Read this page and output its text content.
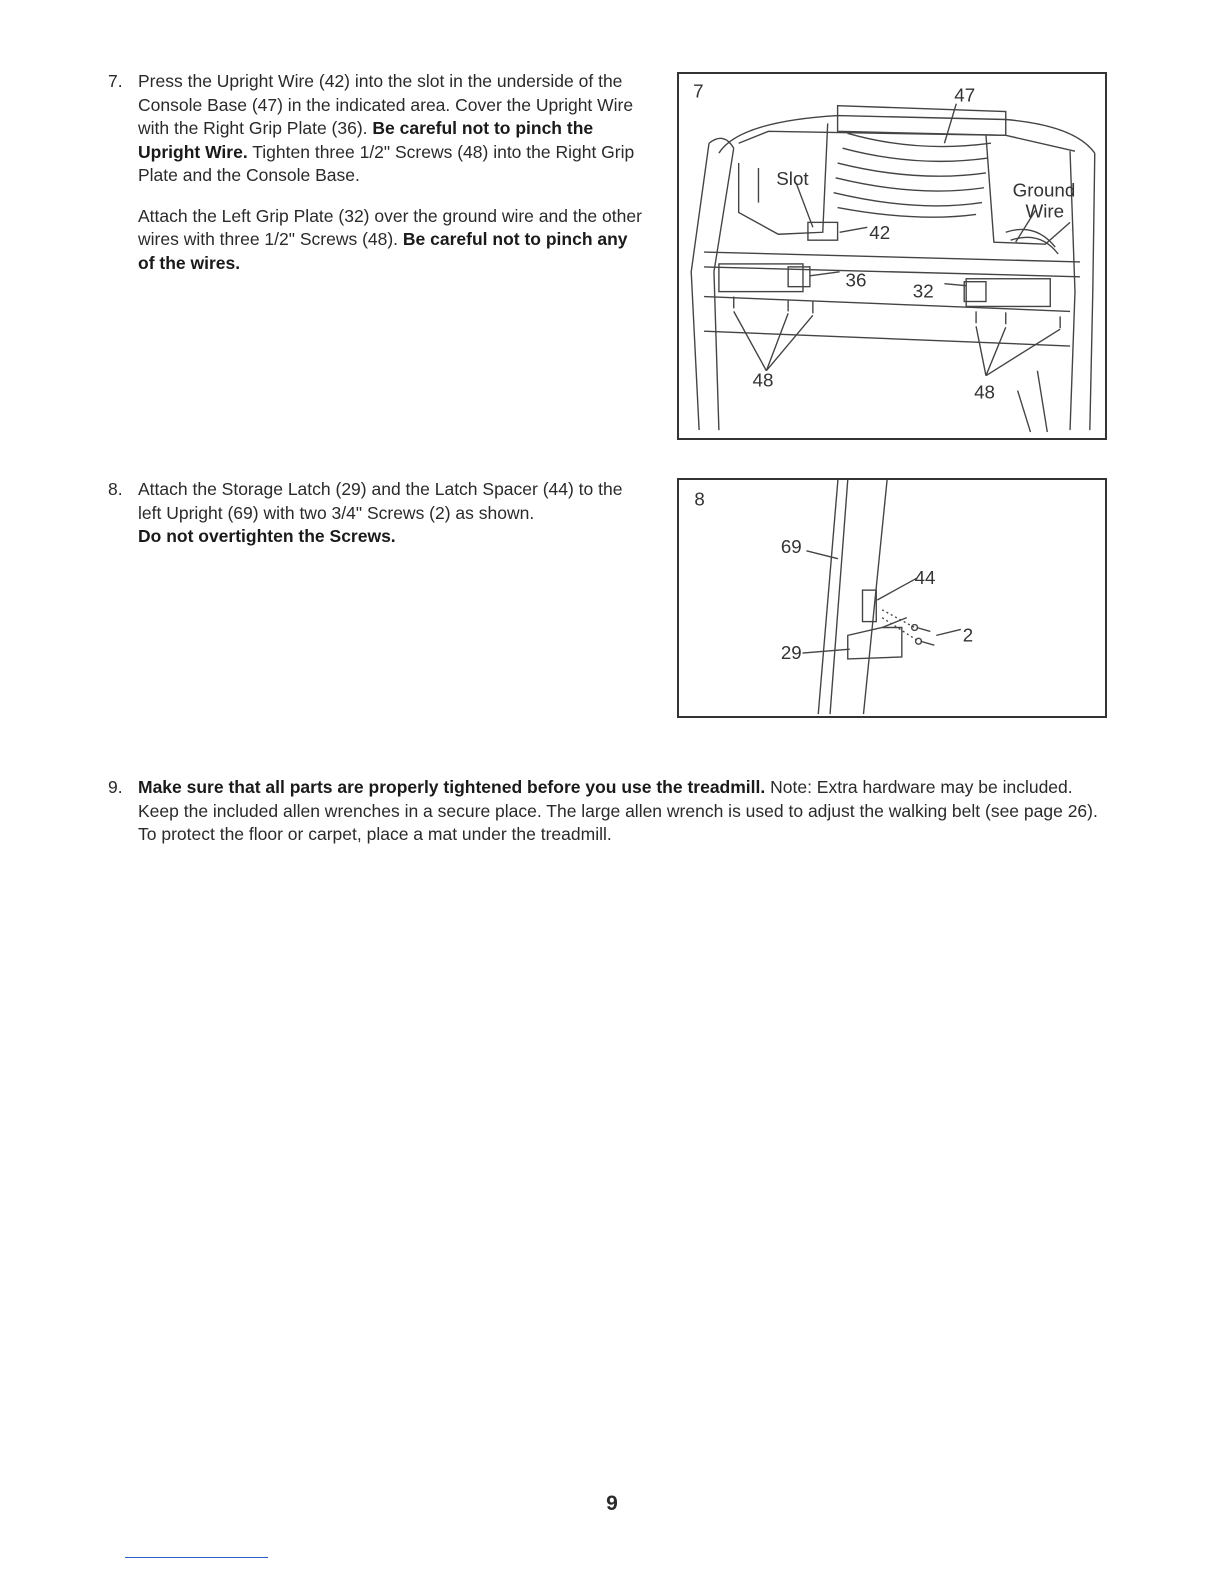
7. Press the Upright Wire (42) into the slot in the underside of the Console Base (47) in the indicated area. Cover the Upright Wire with the Right Grip Plate (36). Be careful not to pinch the Upright Wire. Tighten three 1/2" Screws (48) into the Right Grip Plate and the Console Base.

Attach the Left Grip Plate (32) over the ground wire and the other wires with three 1/2" Screws (48). Be careful not to pinch any of the wires.

7	47
Slot
Ground
Wire
42
36
32
48
48
8. Attach the Storage Latch (29) and the Latch Spacer (44) to the left Upright (69) with two 3/4" Screws (2) as shown.
Do not overtighten the Screws.

8
69
44
2
29
9. Make sure that all parts are properly tightened before you use the treadmill. Note: Extra hardware may be included. Keep the included allen wrenches in a secure place. The large allen wrench is used to adjust the walking belt (see page 26). To protect the floor or carpet, place a mat under the treadmill.

9
